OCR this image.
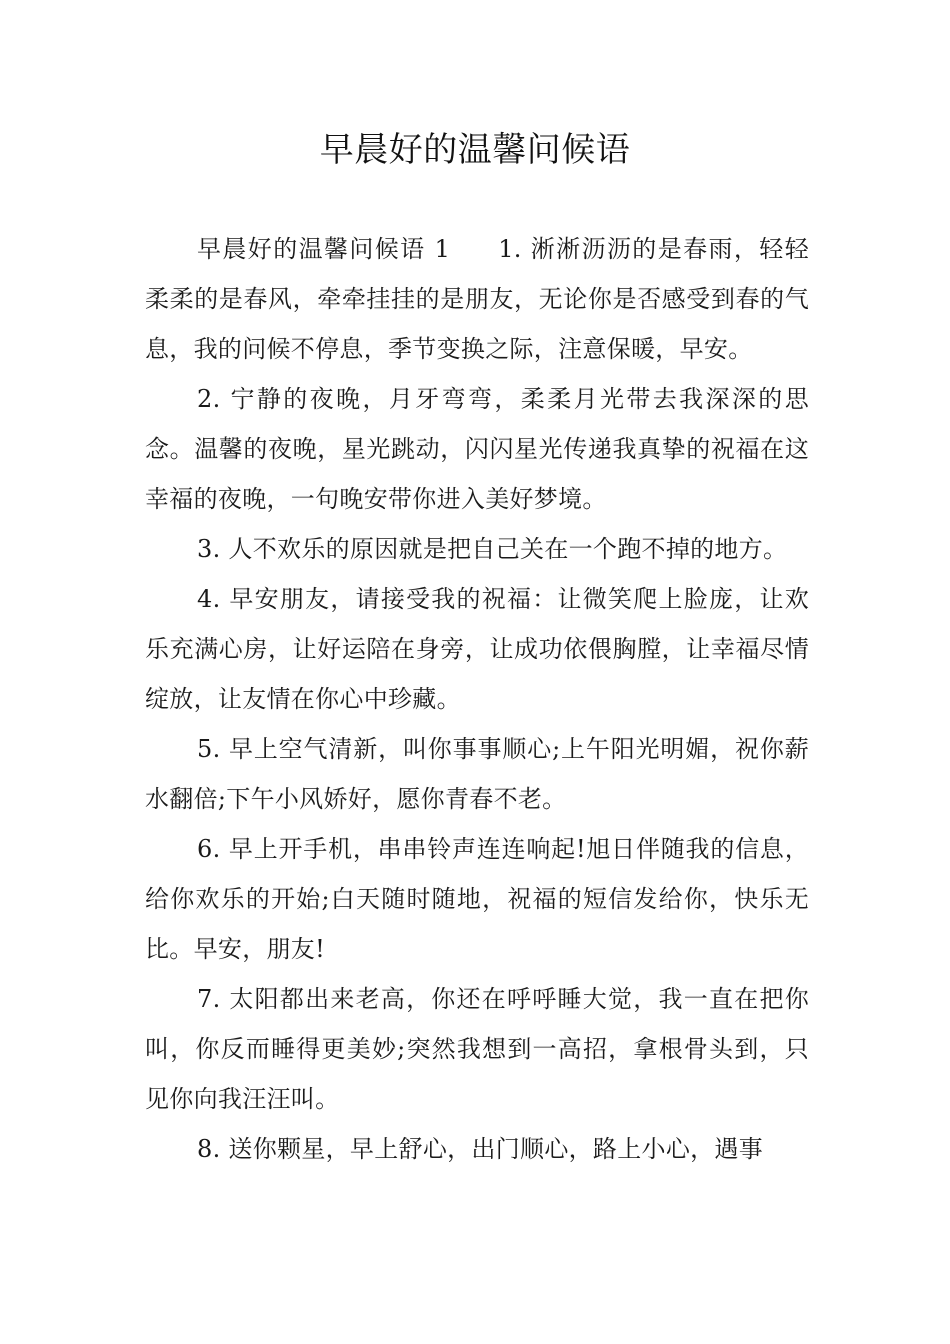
早晨好的温馨问候语

早晨好的温馨问候语 1 1. 淅淅沥沥的是春雨，轻轻柔柔的是春风，牵牵挂挂的是朋友，无论你是否感受到春的气息，我的问候不停息，季节变换之际，注意保暖，早安。

2. 宁静的夜晚，月牙弯弯，柔柔月光带去我深深的思念。温馨的夜晚，星光跳动，闪闪星光传递我真挚的祝福在这幸福的夜晚，一句晚安带你进入美好梦境。

3. 人不欢乐的原因就是把自己关在一个跑不掉的地方。

4. 早安朋友，请接受我的祝福：让微笑爬上脸庞，让欢乐充满心房，让好运陪在身旁，让成功依偎胸膛，让幸福尽情绽放，让友情在你心中珍藏。

5. 早上空气清新，叫你事事顺心;上午阳光明媚，祝你薪水翻倍;下午小风娇好，愿你青春不老。

6. 早上开手机，串串铃声连连响起!旭日伴随我的信息，给你欢乐的开始;白天随时随地，祝福的短信发给你，快乐无比。早安，朋友!

7. 太阳都出来老高，你还在呼呼睡大觉，我一直在把你叫，你反而睡得更美妙;突然我想到一高招，拿根骨头到，只见你向我汪汪叫。

8. 送你颗星，早上舒心，出门顺心，路上小心，遇事
